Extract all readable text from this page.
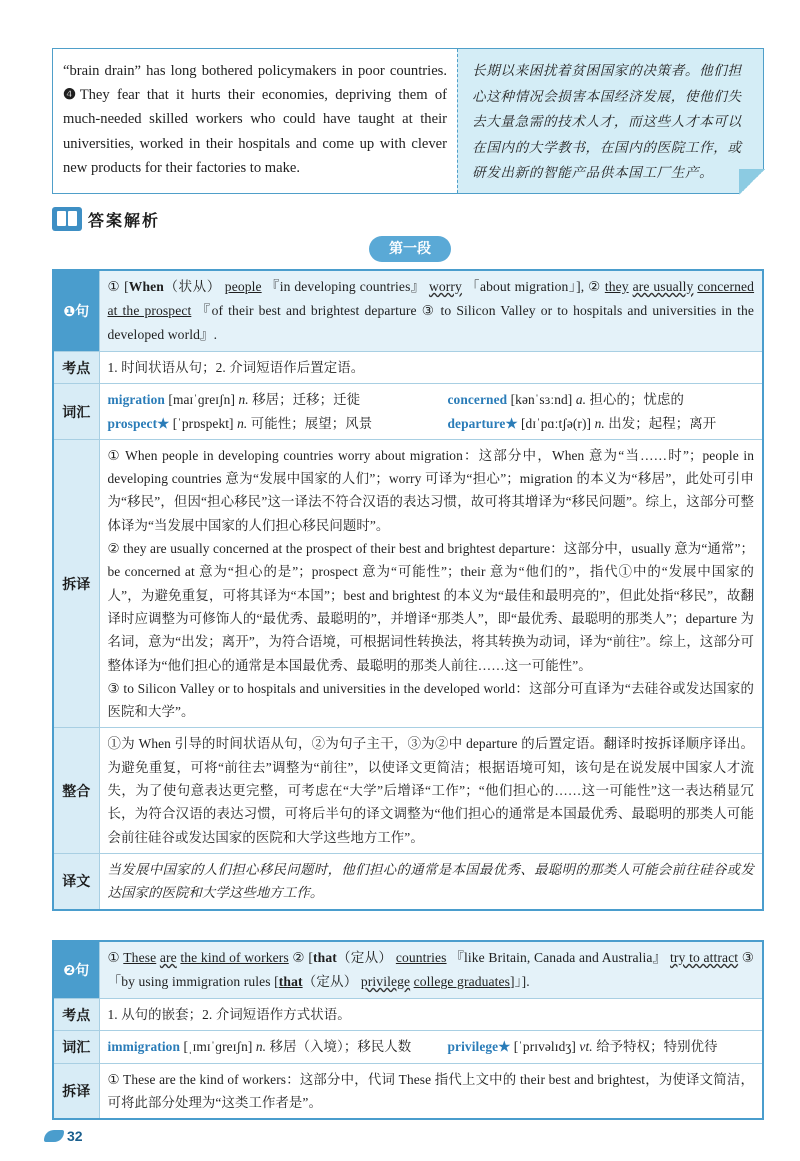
“brain drain” has long bothered policymakers in poor countries. ❹They fear that it hurts their economies, depriving them of much-needed skilled workers who could have taught at their universities, worked in their hospitals and come up with clever new products for their factories to make.
长期以来困扰着贫困国家的决策者。他们担心这种情况会损害本国经济发展，使他们失去大量急需的技术人才，而这些人才本可以在国内的大学教书，在国内的医院工作，或研发出新的智能产品供本国工厂生产。
答案解析
第一段
❶句	① [When（状从） people 『in developing countries』 worry 「about migration」], ② they are usually concerned at the prospect 『of their best and brightest departure ③ to Silicon Valley or to hospitals and universities in the developed world』.
考点	1. 时间状语从句；2. 介词短语作后置定语。
词汇	migration [maɪˈɡreɪʃn] n. 移居；迁移；迁徙 concerned [kənˈsɜːnd] a. 担心的；忧虑的
prospect★ [ˈprɒspekt] n. 可能性；展望；风景 departure★ [dɪˈpɑːtʃə(r)] n. 出发；起程；离开

拆译	① When people in developing countries worry about migration：这部分中，When 意为“当……时”；people in developing countries 意为“发展中国家的人们”；worry 可译为“担心”；migration 的本义为“移居”，此处可引申为“移民”，但因“担心移民”这一译法不符合汉语的表达习惯，故可将其增译为“移民问题”。综上，这部分可整体译为“当发展中国家的人们担心移民问题时”。
② they are usually concerned at the prospect of their best and brightest departure：这部分中，usually 意为“通常”；be concerned at 意为“担心的是”；prospect 意为“可能性”；their 意为“他们的”，指代①中的“发展中国家的人”，为避免重复，可将其译为“本国”；best and brightest 的本义为“最佳和最明亮的”，但此处指“移民”，故翻译时应调整为可修饰人的“最优秀、最聪明的”，并增译“那类人”，即“最优秀、最聪明的那类人”；departure 为名词，意为“出发；离开”，为符合语境，可根据词性转换法，将其转换为动词，译为“前往”。综上，这部分可整体译为“他们担心的通常是本国最优秀、最聪明的那类人前往……这一可能性”。
③ to Silicon Valley or to hospitals and universities in the developed world：这部分可直译为“去硅谷或发达国家的医院和大学”。

整合	①为 When 引导的时间状语从句，②为句子主干，③为②中 departure 的后置定语。翻译时按拆译顺序译出。为避免重复，可将“前往去”调整为“前往”，以使译文更简洁；根据语境可知，该句是在说发展中国家人才流失，为了使句意表达更完整，可考虑在“大学”后增译“工作”；“他们担心的……这一可能性”这一表达稍显冗长，为符合汉语的表达习惯，可将后半句的译文调整为“他们担心的通常是本国最优秀、最聪明的那类人可能会前往硅谷或发达国家的医院和大学这些地方工作”。
译文	当发展中国家的人们担心移民问题时，他们担心的通常是本国最优秀、最聪明的那类人可能会前往硅谷或发达国家的医院和大学这些地方工作。
❷句	① These are the kind of workers ② [that（定从） countries 『like Britain, Canada and Australia』 try to attract ③「by using immigration rules [that（定从） privilege college graduates]」].
考点	1. 从句的嵌套；2. 介词短语作方式状语。
词汇	immigration [ˌɪmɪˈɡreɪʃn] n. 移居（入境）；移民人数 privilege★ [ˈprɪvəlɪdʒ] vt. 给予特权；特别优待

拆译	① These are the kind of workers：这部分中，代词 These 指代上文中的 their best and brightest，为使译文简洁，可将此部分处理为“这类工作者是”。
32
